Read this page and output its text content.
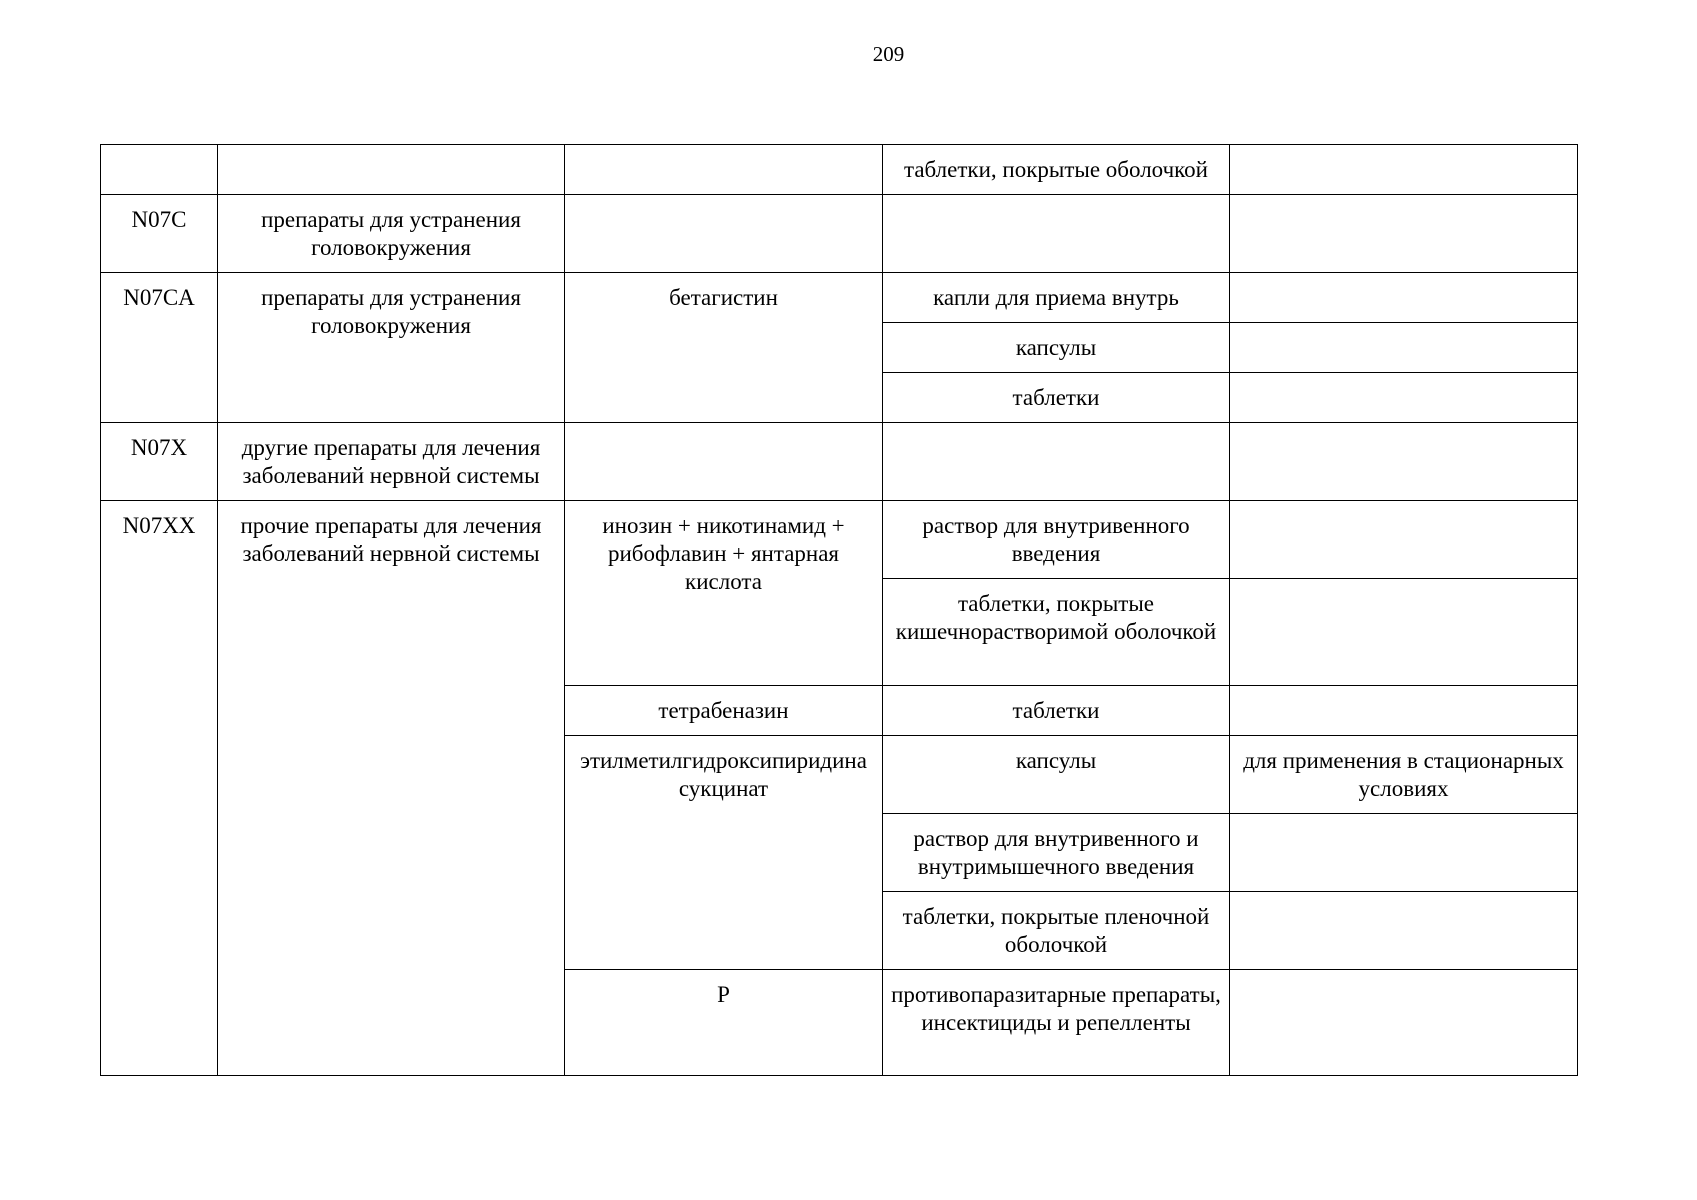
209
			таблетки, покрытые оболочкой		
N07C	препараты для устранения головокружения				
N07CA	препараты для устранения головокружения	бетагистин	капли для приема внутрь		
			капсулы		
			таблетки		
N07X	другие препараты для лечения заболеваний нервной системы				
N07XX	прочие препараты для лечения заболеваний нервной системы	инозин + никотинамид + рибофлавин + янтарная кислота	раствор для внутривенного введения		
			таблетки, покрытые кишечнорастворимой оболочкой		
		тетрабеназин	таблетки		
		этилметилгидроксипиридина сукцинат	капсулы	для применения в стационарных условиях	
			раствор для внутривенного и внутримышечного введения		
			таблетки, покрытые пленочной оболочкой		
		P	противопаразитарные препараты, инсектициды и репелленты			
